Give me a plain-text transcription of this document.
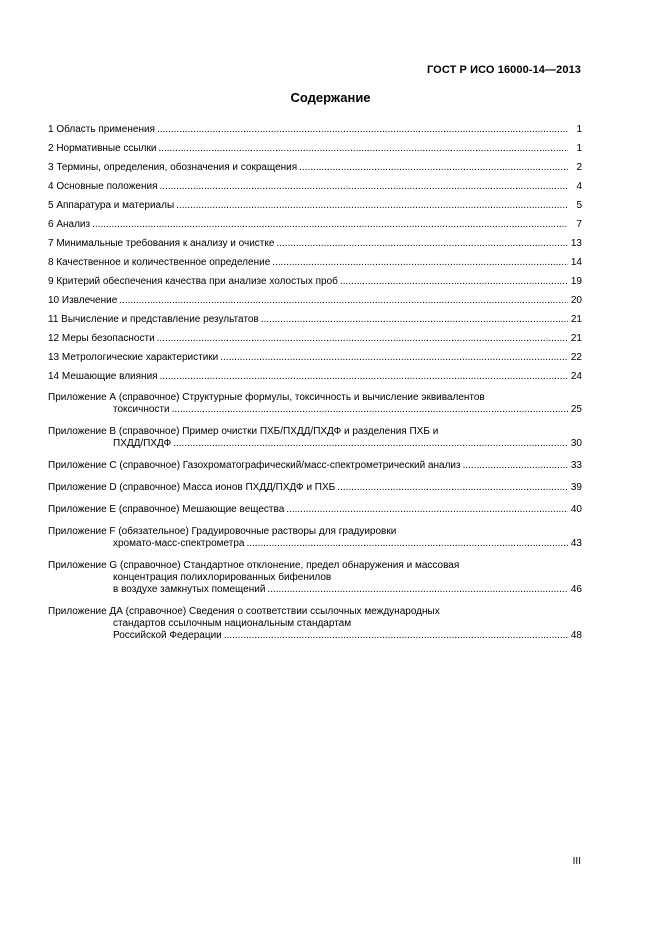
ГОСТ Р ИСО 16000-14—2013
Содержание
1 Область применения .....	1
2 Нормативные ссылки .....	1
3 Термины, определения, обозначения и сокращения .....	2
4 Основные положения .....	4
5 Аппаратура и материалы .....	5
6 Анализ .....	7
7 Минимальные требования к анализу и очистке .....	13
8 Качественное и количественное определение .....	14
9 Критерий обеспечения качества при анализе холостых проб .....	19
10 Извлечение .....	20
11 Вычисление и представление результатов .....	21
12 Меры безопасности .....	21
13 Метрологические характеристики .....	22
14 Мешающие влияния .....	24
Приложение А (справочное) Структурные формулы, токсичность и вычисление эквивалентов
токсичности .....	25
Приложение В (справочное) Пример очистки ПХБ/ПХДД/ПХДФ и разделения ПХБ и
ПХДД/ПХДФ .....	30
Приложение С (справочное) Газохроматографический/масс-спектрометрический анализ .....	33
Приложение D (справочное) Масса ионов ПХДД/ПХДФ и ПХБ .....	39
Приложение Е (справочное) Мешающие вещества .....	40
Приложение F (обязательное) Градуировочные растворы для градуировки
хромато-масс-спектрометра .....	43
Приложение G (справочное) Стандартное отклонение, предел обнаружения и массовая
концентрация полихлорированных бифенилов
в воздухе замкнутых помещений .....	46
Приложение ДА (справочное) Сведения о соответствии ссылочных международных
стандартов ссылочным национальным стандартам
Российской Федерации .....	48
III
